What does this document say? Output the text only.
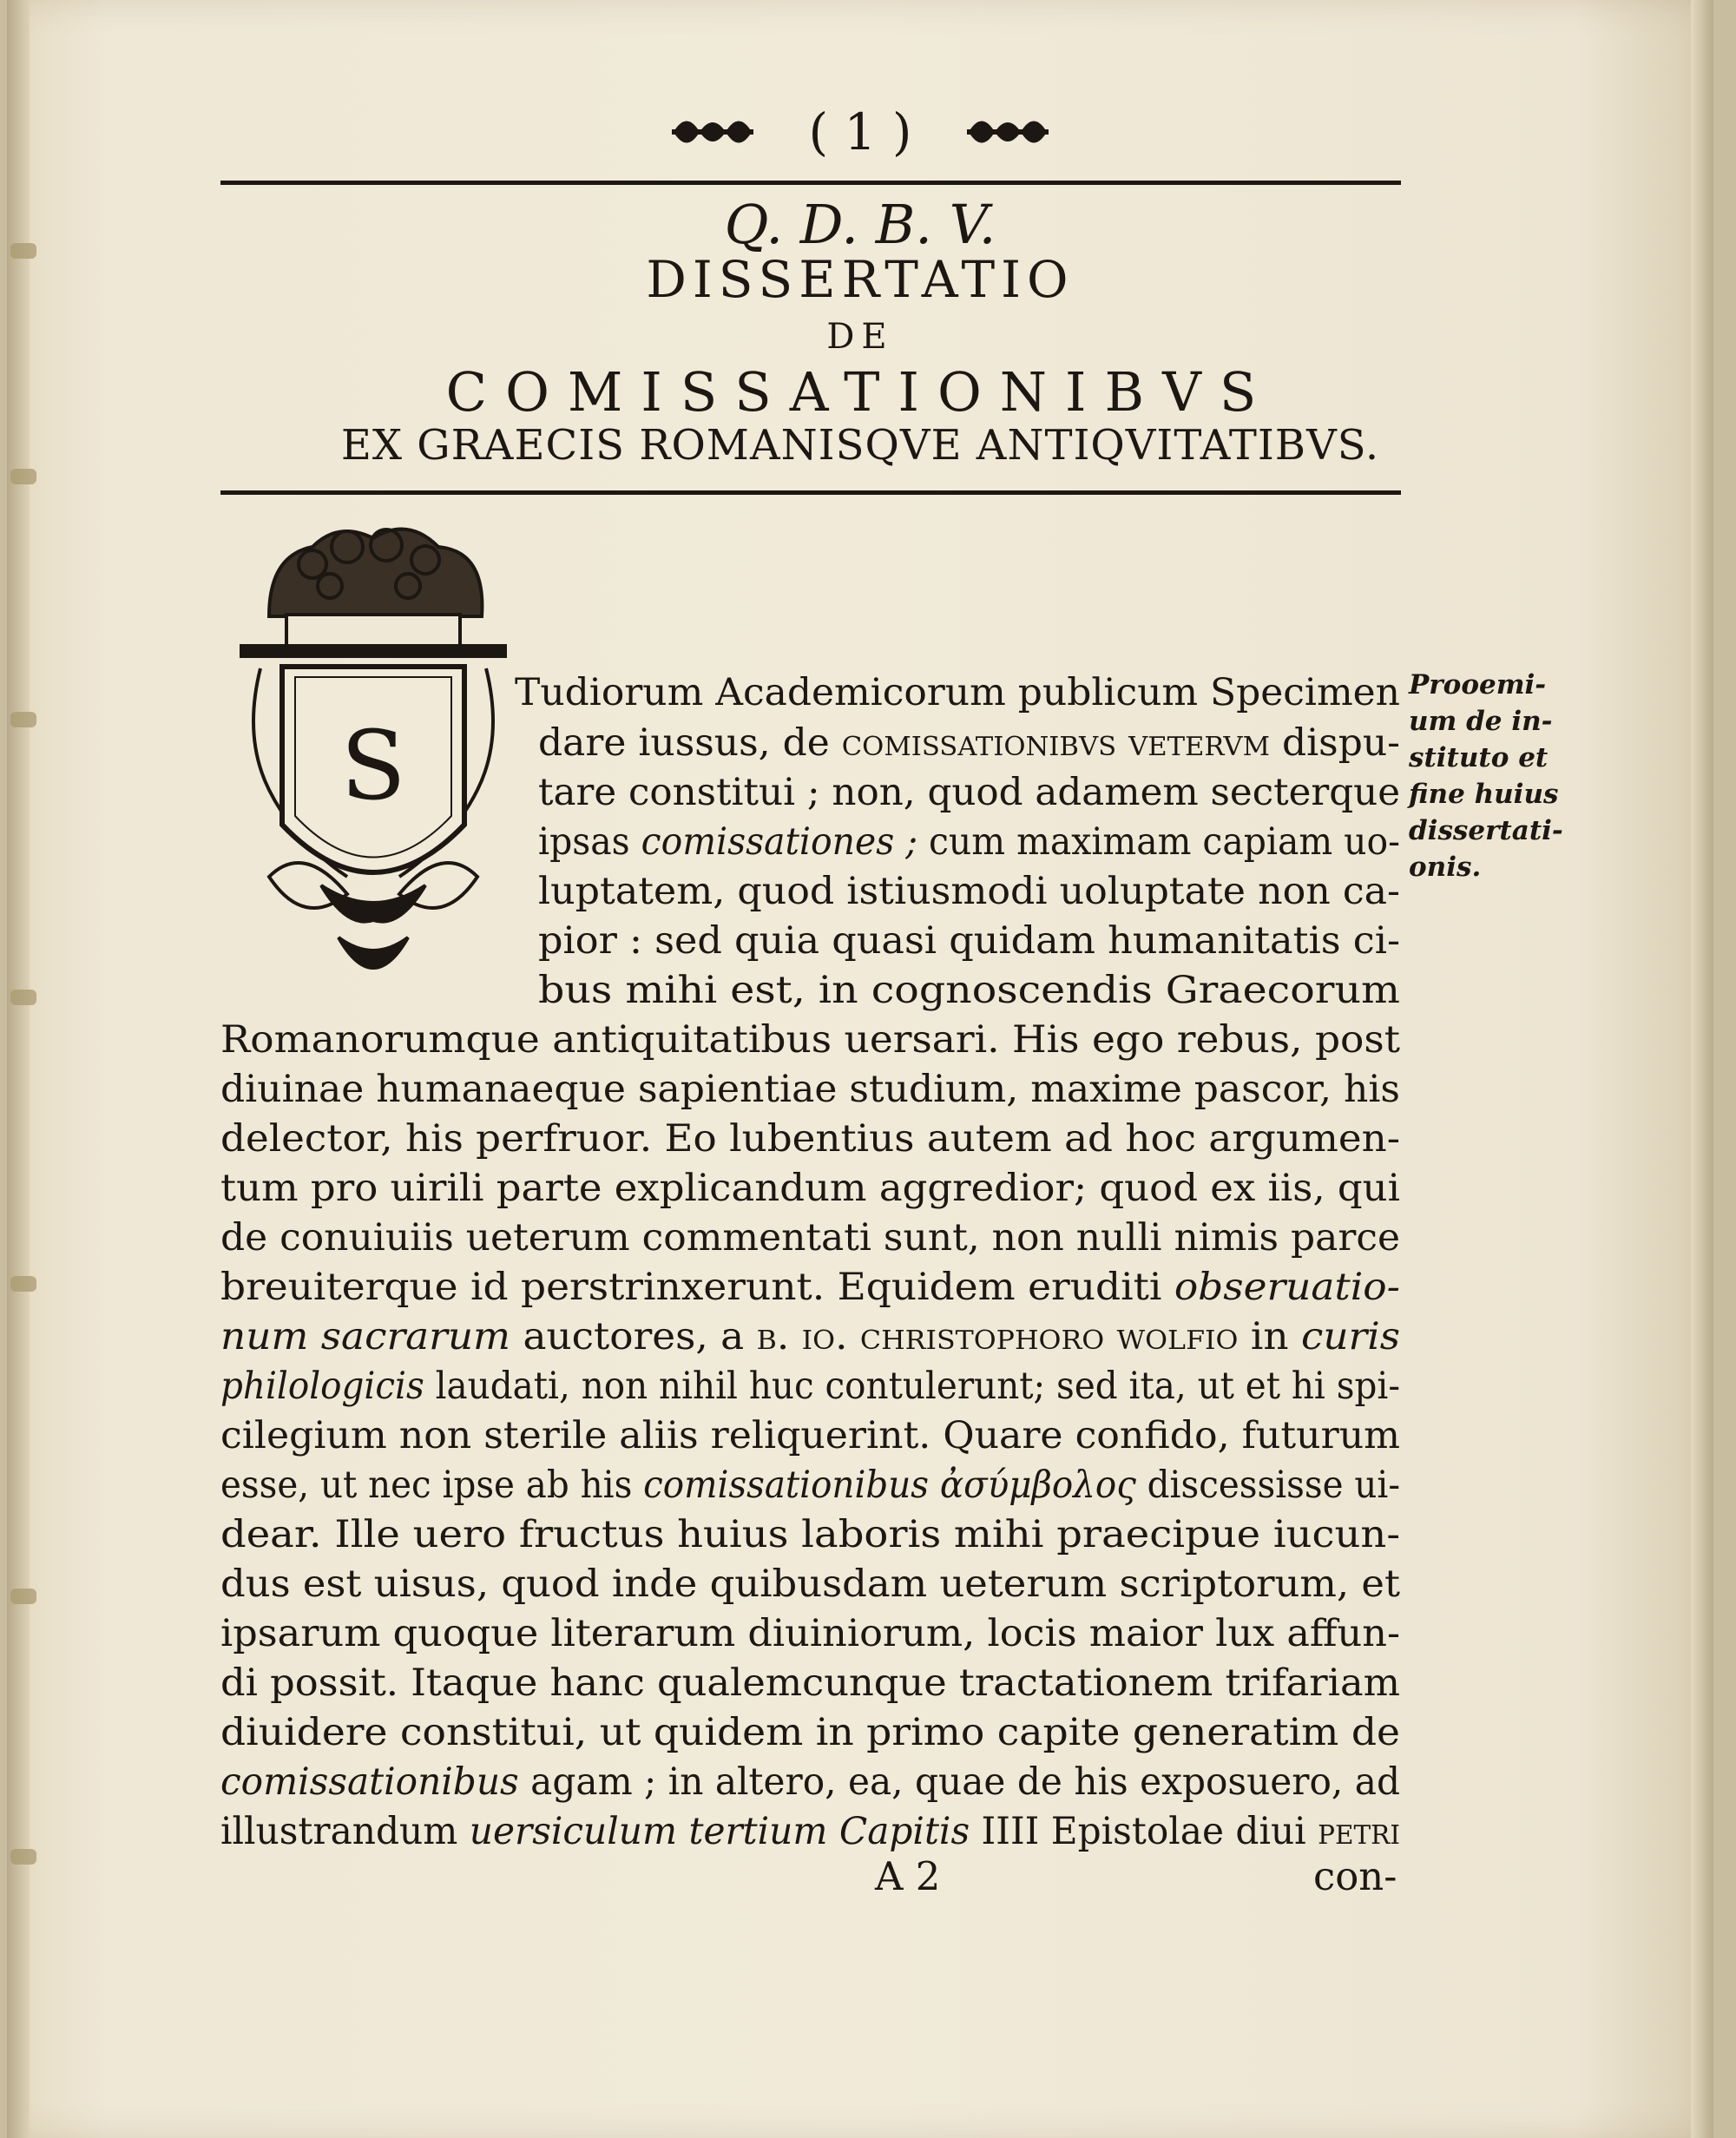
( 1 )
Q. D. B. V.
DISSERTATIO
DE
COMISSATIONIBVS
EX GRAECIS ROMANISQVE ANTIQVITATIBVS.
S
Prooemi-
um de in-
stituto et
fine huius
dissertati-
onis.
Tudiorum Academicorum publicum Specimen
dare iussus, de comissationibvs vetervm dispu-
tare constitui ; non, quod adamem secterque
ipsas comissationes ; cum maximam capiam uo-
luptatem, quod istiusmodi uoluptate non ca-
pior : sed quia quasi quidam humanitatis ci-
bus mihi est, in cognoscendis Graecorum
Romanorumque antiquitatibus uersari. His ego rebus, post
diuinae humanaeque sapientiae studium, maxime pascor, his
delector, his perfruor. Eo lubentius autem ad hoc argumen-
tum pro uirili parte explicandum aggredior; quod ex iis, qui
de conuiuiis ueterum commentati sunt, non nulli nimis parce
breuiterque id perstrinxerunt. Equidem eruditi obseruatio-
num sacrarum auctores, a b. io. christophoro wolfio in curis
philologicis laudati, non nihil huc contulerunt; sed ita, ut et hi spi-
cilegium non sterile aliis reliquerint. Quare confido, futurum
esse, ut nec ipse ab his comissationibus ἀσύμβολος discessisse ui-
dear. Ille uero fructus huius laboris mihi praecipue iucun-
dus est uisus, quod inde quibusdam ueterum scriptorum, et
ipsarum quoque literarum diuiniorum, locis maior lux affun-
di possit. Itaque hanc qualemcunque tractationem trifariam
diuidere constitui, ut quidem in primo capite generatim de
comissationibus agam ; in altero, ea, quae de his exposuero, ad
illustrandum uersiculum tertium Capitis IIII Epistolae diui petri
A 2	con-
